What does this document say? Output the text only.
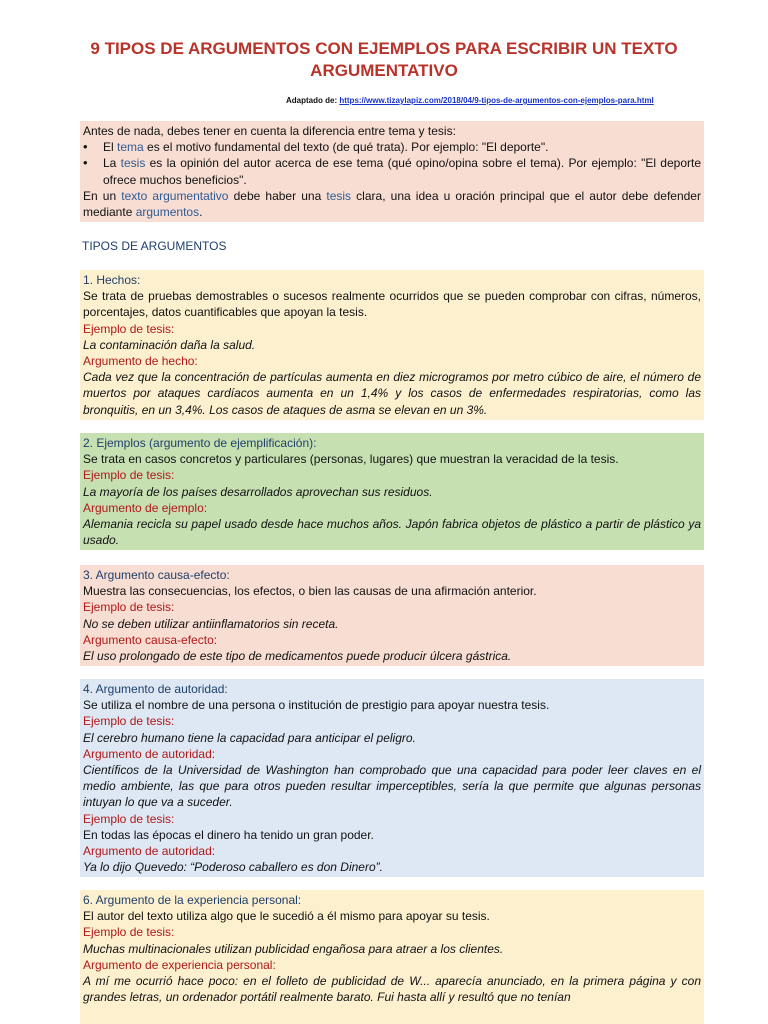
9 TIPOS DE ARGUMENTOS CON EJEMPLOS PARA ESCRIBIR UN TEXTO ARGUMENTATIVO
Adaptado de: https://www.tizaylapiz.com/2018/04/9-tipos-de-argumentos-con-ejemplos-para.html

Antes de nada, debes tener en cuenta la diferencia entre tema y tesis:

• El tema es el motivo fundamental del texto (de qué trata). Por ejemplo: "El deporte".
• La tesis es la opinión del autor acerca de ese tema (qué opino/opina sobre el tema). Por ejemplo: "El deporte ofrece muchos beneficios".

En un texto argumentativo debe haber una tesis clara, una idea u oración principal que el autor debe defender mediante argumentos.

TIPOS DE ARGUMENTOS

1. Hechos:

Se trata de pruebas demostrables o sucesos realmente ocurridos que se pueden comprobar con cifras, números, porcentajes, datos cuantificables que apoyan la tesis.

Ejemplo de tesis:

La contaminación daña la salud.

Argumento de hecho:

Cada vez que la concentración de partículas aumenta en diez microgramos por metro cúbico de aire, el número de muertos por ataques cardíacos aumenta en un 1,4% y los casos de enfermedades respiratorias, como las bronquitis, en un 3,4%. Los casos de ataques de asma se elevan en un 3%.

2. Ejemplos (argumento de ejemplificación):

Se trata en casos concretos y particulares (personas, lugares) que muestran la veracidad de la tesis.

Ejemplo de tesis:

La mayoría de los países desarrollados aprovechan sus residuos.

Argumento de ejemplo:

Alemania recicla su papel usado desde hace muchos años. Japón fabrica objetos de plástico a partir de plástico ya usado.

3. Argumento causa-efecto:

Muestra las consecuencias, los efectos, o bien las causas de una afirmación anterior.

Ejemplo de tesis:

No se deben utilizar antiinflamatorios sin receta.

Argumento causa-efecto:

El uso prolongado de este tipo de medicamentos puede producir úlcera gástrica.

4. Argumento de autoridad:

Se utiliza el nombre de una persona o institución de prestigio para apoyar nuestra tesis.

Ejemplo de tesis:

El cerebro humano tiene la capacidad para anticipar el peligro.

Argumento de autoridad:

Científicos de la Universidad de Washington han comprobado que una capacidad para poder leer claves en el medio ambiente, las que para otros pueden resultar imperceptibles, sería la que permite que algunas personas intuyan lo que va a suceder.

Ejemplo de tesis:

En todas las épocas el dinero ha tenido un gran poder.

Argumento de autoridad:

Ya lo dijo Quevedo: “Poderoso caballero es don Dinero”.

6. Argumento de la experiencia personal:

El autor del texto utiliza algo que le sucedió a él mismo para apoyar su tesis.

Ejemplo de tesis:

Muchas multinacionales utilizan publicidad engañosa para atraer a los clientes.

Argumento de experiencia personal:

A mí me ocurrió hace poco: en el folleto de publicidad de W... aparecía anunciado, en la primera página y con grandes letras, un ordenador portátil realmente barato. Fui hasta allí y resultó que no tenían
